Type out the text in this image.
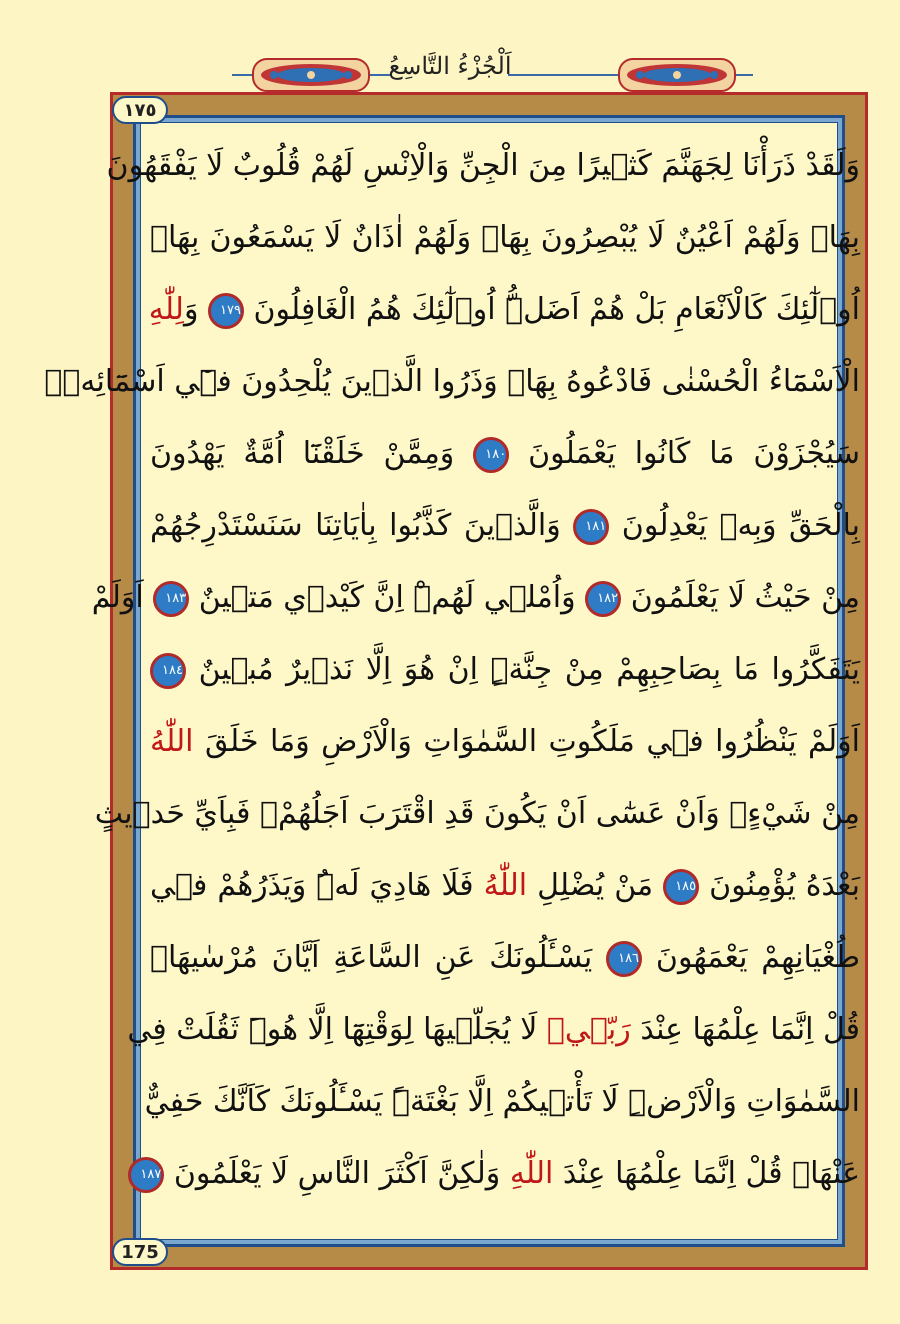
اَلْجُزْءُ التَّاسِعُ
١٧٥
وَلَقَدْ ذَرَأْنَا لِجَهَنَّمَ كَث۪يرًا مِنَ الْجِنِّ وَالْاِنْسِ لَهُمْ قُلُوبٌ لَا يَفْقَهُونَ
بِهَاۘ وَلَهُمْ اَعْيُنٌ لَا يُبْصِرُونَ بِهَاۘ وَلَهُمْ اٰذَانٌ لَا يَسْمَعُونَ بِهَاۜ
اُو۬لٰٓئِكَ كَالْاَنْعَامِ بَلْ هُمْ اَضَلُّۜ اُو۬لٰٓئِكَ هُمُ الْغَافِلُونَ ١٧٩ وَلِلّٰهِ
الْاَسْمَٓاءُ الْحُسْنٰى فَادْعُوهُ بِهَاۖ وَذَرُوا الَّذ۪ينَ يُلْحِدُونَ ف۪ٓي اَسْمَٓائِه۪ۜ
سَيُجْزَوْنَ مَا كَانُوا يَعْمَلُونَ ١٨٠ وَمِمَّنْ خَلَقْنَٓا اُمَّةٌ يَهْدُونَ
بِالْحَقِّ وَبِه۪ يَعْدِلُونَ ١٨١ وَالَّذ۪ينَ كَذَّبُوا بِاٰيَاتِنَا سَنَسْتَدْرِجُهُمْ
مِنْ حَيْثُ لَا يَعْلَمُونَ ١٨٢ وَاُمْل۪ي لَهُمْۜ اِنَّ كَيْد۪ي مَت۪ينٌ ١٨٣ اَوَلَمْ
يَتَفَكَّرُوا مَا بِصَاحِبِهِمْ مِنْ جِنَّةٍۜ اِنْ هُوَ اِلَّا نَذ۪يرٌ مُب۪ينٌ ١٨٤
اَوَلَمْ يَنْظُرُوا ف۪ي مَلَكُوتِ السَّمٰوَاتِ وَالْاَرْضِ وَمَا خَلَقَ اللّٰهُ
مِنْ شَيْءٍۙ وَاَنْ عَسٰٓى اَنْ يَكُونَ قَدِ اقْتَرَبَ اَجَلُهُمْۚ فَبِاَيِّ حَد۪يثٍ
بَعْدَهُ يُؤْمِنُونَ ١٨٥ مَنْ يُضْلِلِ اللّٰهُ فَلَا هَادِيَ لَهُۜ وَيَذَرُهُمْ ف۪ي
طُغْيَانِهِمْ يَعْمَهُونَ ١٨٦ يَسْـَٔلُونَكَ عَنِ السَّاعَةِ اَيَّانَ مُرْسٰيهَاۜ
قُلْ اِنَّمَا عِلْمُهَا عِنْدَ رَبّ۪يۚ لَا يُجَلّ۪يهَا لِوَقْتِهَٓا اِلَّا هُوَۜ ثَقُلَتْ فِي
السَّمٰوَاتِ وَالْاَرْضِۜ لَا تَأْت۪يكُمْ اِلَّا بَغْتَةًۜ يَسْـَٔلُونَكَ كَاَنَّكَ حَفِيٌّ
عَنْهَاۜ قُلْ اِنَّمَا عِلْمُهَا عِنْدَ اللّٰهِ وَلٰكِنَّ اَكْثَرَ النَّاسِ لَا يَعْلَمُونَ ١٨٧
175
